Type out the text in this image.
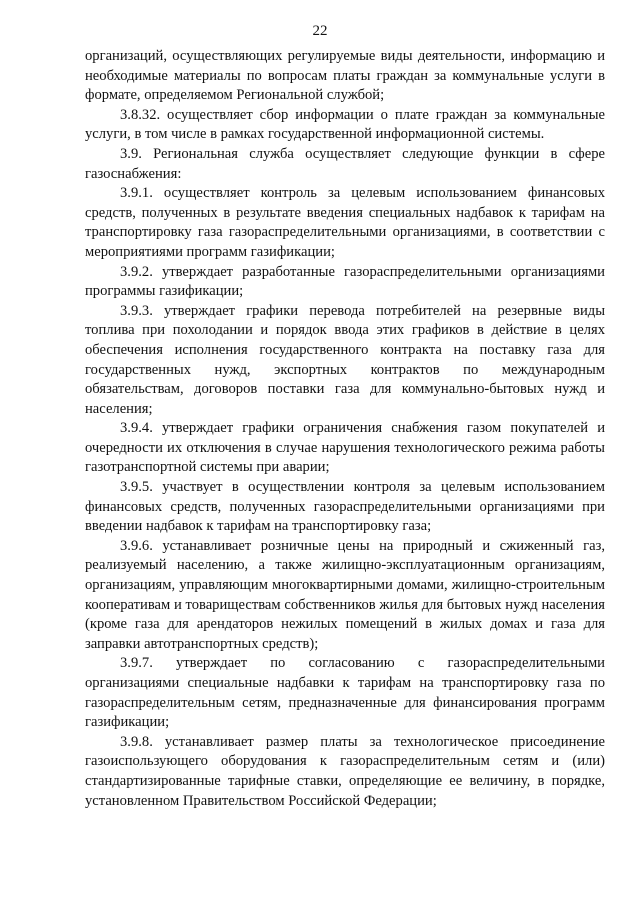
22

организаций, осуществляющих регулируемые виды деятельности, информацию и необходимые материалы по вопросам платы граждан за коммунальные услуги в формате, определяемом Региональной службой;

3.8.32. осуществляет сбор информации о плате граждан за коммунальные услуги, в том числе в рамках государственной информационной системы.

3.9. Региональная служба осуществляет следующие функции в сфере газоснабжения:

3.9.1. осуществляет контроль за целевым использованием финансовых средств, полученных в результате введения специальных надбавок к тарифам на транспортировку газа газораспределительными организациями, в соответствии с мероприятиями программ газификации;

3.9.2. утверждает разработанные газораспределительными организациями программы газификации;

3.9.3. утверждает графики перевода потребителей на резервные виды топлива при похолодании и порядок ввода этих графиков в действие в целях обеспечения исполнения государственного контракта на поставку газа для государственных нужд, экспортных контрактов по международным обязательствам, договоров поставки газа для коммунально-бытовых нужд и населения;

3.9.4. утверждает графики ограничения снабжения газом покупателей и очередности их отключения в случае нарушения технологического режима работы газотранспортной системы при аварии;

3.9.5. участвует в осуществлении контроля за целевым использованием финансовых средств, полученных газораспределительными организациями при введении надбавок к тарифам на транспортировку газа;

3.9.6. устанавливает розничные цены на природный и сжиженный газ, реализуемый населению, а также жилищно-эксплуатационным организациям, организациям, управляющим многоквартирными домами, жилищно-строительным кооперативам и товариществам собственников жилья для бытовых нужд населения (кроме газа для арендаторов нежилых помещений в жилых домах и газа для заправки автотранспортных средств);

3.9.7. утверждает по согласованию с газораспределительными организациями специальные надбавки к тарифам на транспортировку газа по газораспределительным сетям, предназначенные для финансирования программ газификации;

3.9.8. устанавливает размер платы за технологическое присоединение газоиспользующего оборудования к газораспределительным сетям и (или) стандартизированные тарифные ставки, определяющие ее величину, в порядке, установленном Правительством Российской Федерации;
